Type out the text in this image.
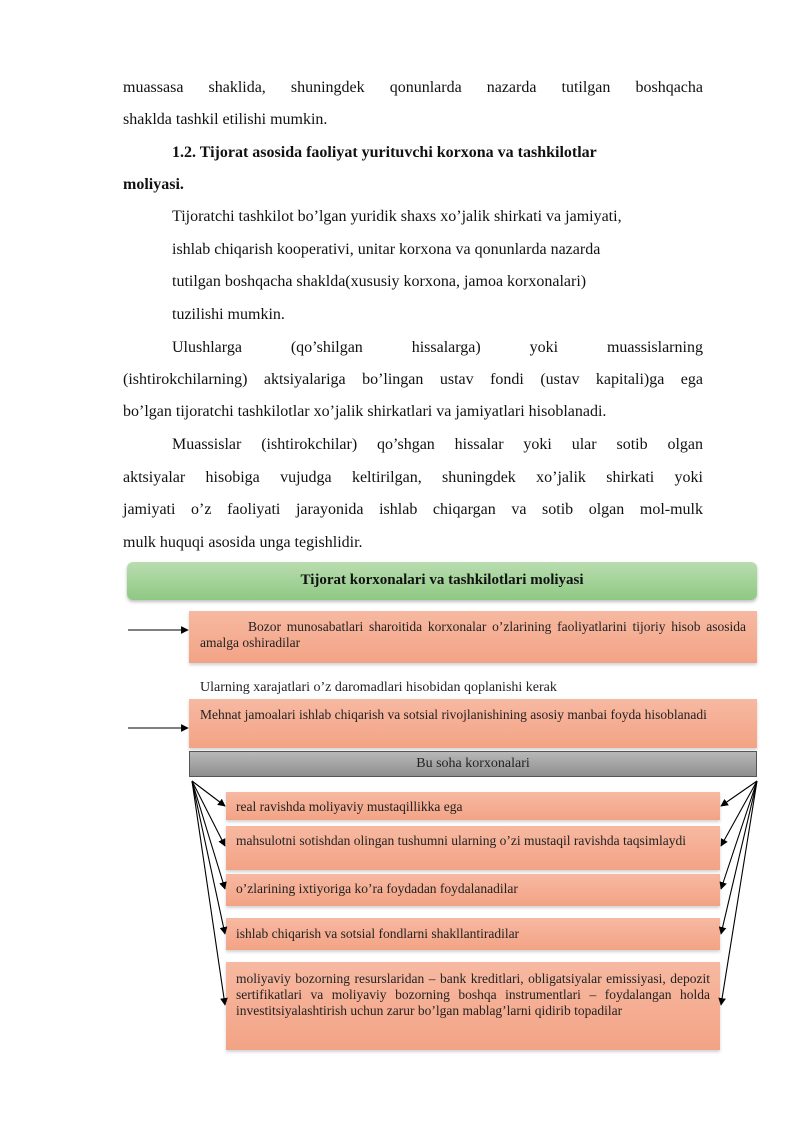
muassasa shaklida, shuningdek qonunlarda nazarda tutilgan boshqacha
shaklda tashkil etilishi mumkin.
1.2. Tijorat asosida faoliyat yurituvchi korxona va tashkilotlar
moliyasi.
Tijoratchi tashkilot bo’lgan yuridik shaxs xo’jalik shirkati va jamiyati,
ishlab chiqarish kooperativi, unitar korxona va qonunlarda nazarda
tutilgan boshqacha shaklda(xususiy korxona, jamoa korxonalari)
tuzilishi mumkin.
Ulushlarga	(qo’shilgan	hissalarga)	yoki	muassislarning
(ishtirokchilarning) aktsiyalariga bo’lingan ustav fondi (ustav kapitali)ga ega
bo’lgan tijoratchi tashkilotlar xo’jalik shirkatlari va jamiyatlari hisoblanadi.
Muassislar (ishtirokchilar) qo’shgan hissalar yoki ular sotib olgan
aktsiyalar hisobiga vujudga keltirilgan, shuningdek xo’jalik shirkati yoki
jamiyati o’z faoliyati jarayonida ishlab chiqargan va sotib olgan mol-mulk
mulk huquqi asosida unga tegishlidir.
Tijorat korxonalari va tashkilotlari moliyasi
Bozor munosabatlari sharoitida korxonalar o’zlarining faoliyatlarini tijoriy hisob asosida amalga oshiradilar
Ularning xarajatlari o’z daromadlari hisobidan qoplanishi kerak
Mehnat jamoalari ishlab chiqarish va sotsial rivojlanishining asosiy manbai foyda hisoblanadi
Bu soha korxonalari
real ravishda moliyaviy mustaqillikka ega
mahsulotni sotishdan olingan tushumni ularning o’zi mustaqil ravishda taqsimlaydi
o’zlarining ixtiyoriga ko’ra foydadan foydalanadilar
ishlab chiqarish va sotsial fondlarni shakllantiradilar
moliyaviy bozorning resurslaridan – bank kreditlari, obligatsiyalar emissiyasi, depozit sertifikatlari va moliyaviy bozorning boshqa instrumentlari – foydalangan holda investitsiyalashtirish uchun zarur bo’lgan mablag’larni qidirib topadilar
